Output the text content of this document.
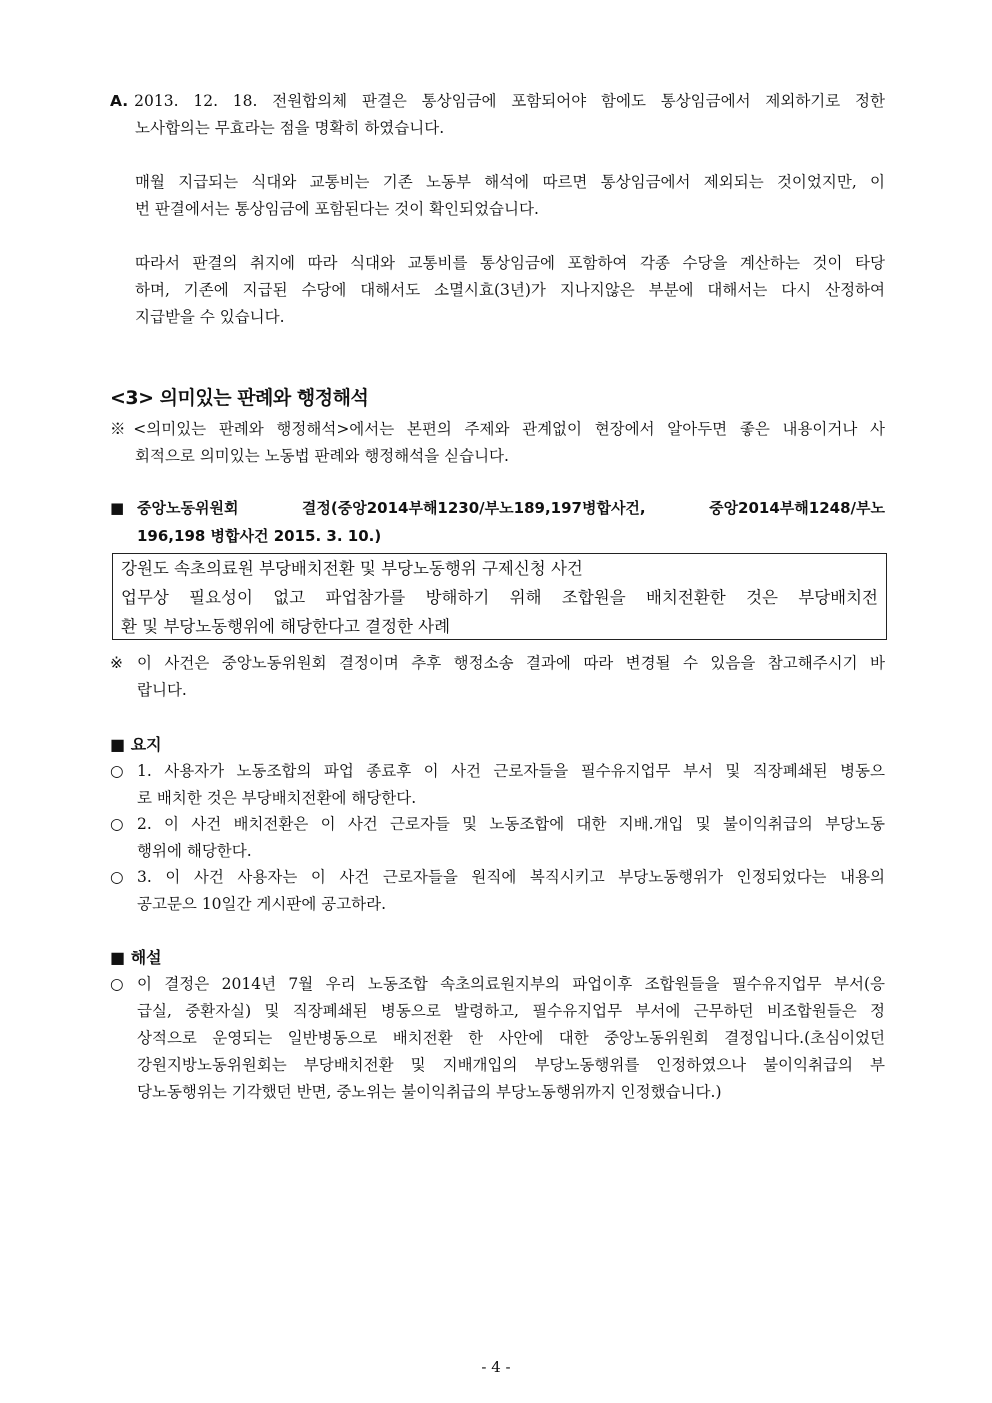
A. 2013. 12. 18. 전원합의체 판결은 통상임금에 포함되어야 함에도 통상임금에서 제외하기로 정한
노사합의는 무효라는 점을 명확히 하였습니다.
매월 지급되는 식대와 교통비는 기존 노동부 해석에 따르면 통상임금에서 제외되는 것이었지만, 이
번 판결에서는 통상임금에 포함된다는 것이 확인되었습니다.
따라서 판결의 취지에 따라 식대와 교통비를 통상임금에 포함하여 각종 수당을 계산하는 것이 타당
하며, 기존에 지급된 수당에 대해서도 소멸시효(3년)가 지나지않은 부분에 대해서는 다시 산정하여
지급받을 수 있습니다.
<3> 의미있는 판례와 행정해석
※<의미있는 판례와 행정해석>에서는 본편의 주제와 관계없이 현장에서 알아두면 좋은 내용이거나 사
회적으로 의미있는 노동법 판례와 행정해석을 싣습니다.
■ 중앙노동위원회 결정(중앙2014부해1230/부노189,197병합사건, 중앙2014부해1248/부노
196,198 병합사건 2015. 3. 10.)
강원도 속초의료원 부당배치전환 및 부당노동행위 구제신청 사건
업무상 필요성이 없고 파업참가를 방해하기 위해 조합원을 배치전환한 것은 부당배치전
환 및 부당노동행위에 해당한다고 결정한 사례
※ 이 사건은 중앙노동위원회 결정이며 추후 행정소송 결과에 따라 변경될 수 있음을 참고해주시기 바
랍니다.
■ 요지
○ 1. 사용자가 노동조합의 파업 종료후 이 사건 근로자들을 필수유지업무 부서 및 직장폐쇄된 병동으
로 배치한 것은 부당배치전환에 해당한다.
○ 2. 이 사건 배치전환은 이 사건 근로자들 및 노동조합에 대한 지배.개입 및 불이익취급의 부당노동
행위에 해당한다.
○ 3. 이 사건 사용자는 이 사건 근로자들을 원직에 복직시키고 부당노동행위가 인정되었다는 내용의
공고문으 10일간 게시판에 공고하라.
■ 해설
○ 이 결정은 2014년 7월 우리 노동조합 속초의료원지부의 파업이후 조합원들을 필수유지업무 부서(응
급실, 중환자실) 및 직장폐쇄된 병동으로 발령하고, 필수유지업무 부서에 근무하던 비조합원들은 정
상적으로 운영되는 일반병동으로 배치전환 한 사안에 대한 중앙노동위원회 결정입니다.(초심이었던
강원지방노동위원회는 부당배치전환 및 지배개입의 부당노동행위를 인정하였으나 불이익취급의 부
당노동행위는 기각했던 반면, 중노위는 불이익취급의 부당노동행위까지 인정했습니다.)
- 4 -
